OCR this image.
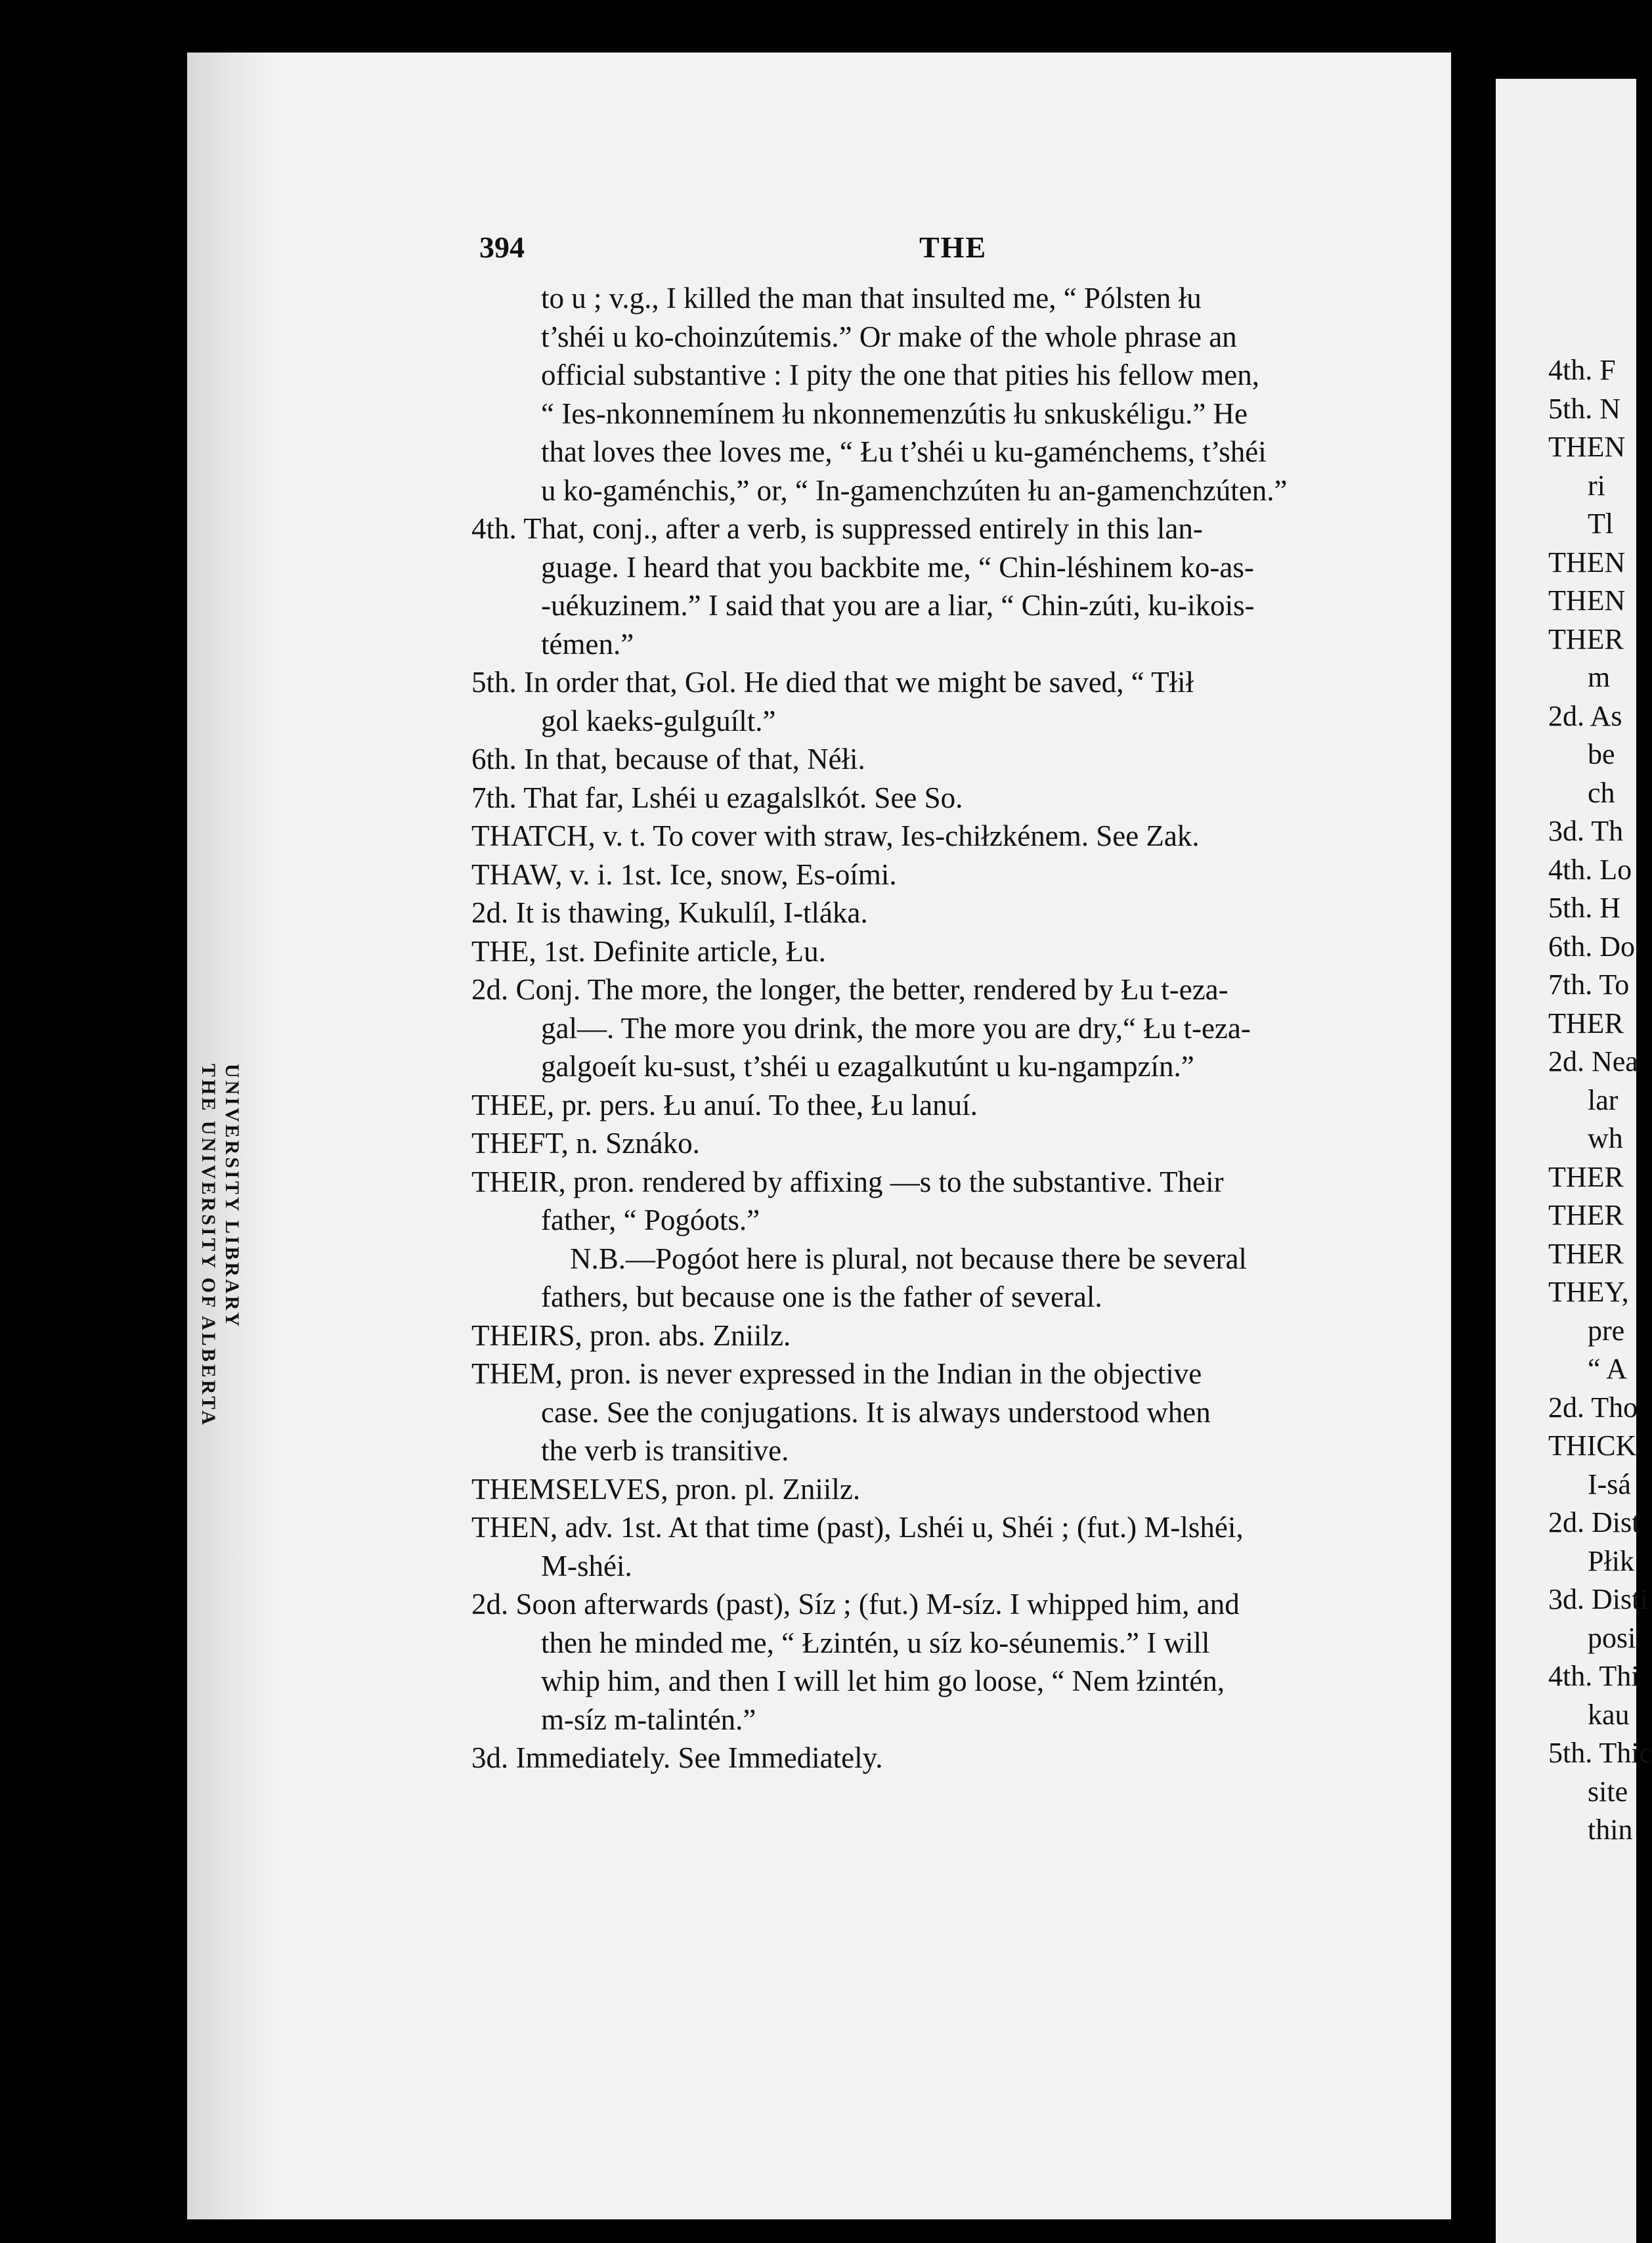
UNIVERSITY LIBRARY
THE UNIVERSITY OF ALBERTA
394	THE
to u ; v.g., I killed the man that insulted me, “ Pólsten łu
t’shéi u ko-choinzútemis.” Or make of the whole phrase an
official substantive : I pity the one that pities his fellow men,
“ Ies-nkonnemínem łu nkonnemenzútis łu snkuskéligu.” He
that loves thee loves me, “ Łu t’shéi u ku-gaménchems, t’shéi
u ko-gaménchis,” or, “ In-gamenchzúten łu an-gamenchzúten.”
4th. That, conj., after a verb, is suppressed entirely in this lan-
guage. I heard that you backbite me, “ Chin-léshinem ko-as-
-uékuzinem.” I said that you are a liar, “ Chin-zúti, ku-ikois-
témen.”
5th. In order that, Gol. He died that we might be saved, “ Tłił
gol kaeks-gulguílt.”
6th. In that, because of that, Néłi.
7th. That far, Lshéi u ezagalslkót. See So.
THATCH, v. t. To cover with straw, Ies-chiłzkénem. See Zak.
THAW, v. i. 1st. Ice, snow, Es-oími.
2d. It is thawing, Kukulíl, I-tláka.
THE, 1st. Definite article, Łu.
2d. Conj. The more, the longer, the better, rendered by Łu t-eza-
gal—. The more you drink, the more you are dry,“ Łu t-eza-
galgoeít ku-sust, t’shéi u ezagalkutúnt u ku-ngampzín.”
THEE, pr. pers. Łu anuí. To thee, Łu lanuí.
THEFT, n. Sznáko.
THEIR, pron. rendered by affixing —s to the substantive. Their
father, “ Pogóots.”
N.B.—Pogóot here is plural, not because there be several
fathers, but because one is the father of several.
THEIRS, pron. abs. Zniilz.
THEM, pron. is never expressed in the Indian in the objective
case. See the conjugations. It is always understood when
the verb is transitive.
THEMSELVES, pron. pl. Zniilz.
THEN, adv. 1st. At that time (past), Lshéi u, Shéi ; (fut.) M-lshéi,
M-shéi.
2d. Soon afterwards (past), Síz ; (fut.) M-síz. I whipped him, and
then he minded me, “ Łzintén, u síz ko-séunemis.” I will
whip him, and then I will let him go loose, “ Nem łzintén,
m-síz m-talintén.”
3d. Immediately. See Immediately.
4th. F
5th. N
THEN
ri
Tl
THEN
THEN
THER
m
2d. As
be
ch
3d. Th
4th. Lo
5th. H
6th. Do
7th. To
THER
2d. Nea
lar
wh
THER
THER
THER
THEY,
pre
“ A
2d. Tho
THICK
I-sá
2d. Dist
Płik
3d. Disti
posi
4th. Thi
kau
5th. Thic
site
thin
